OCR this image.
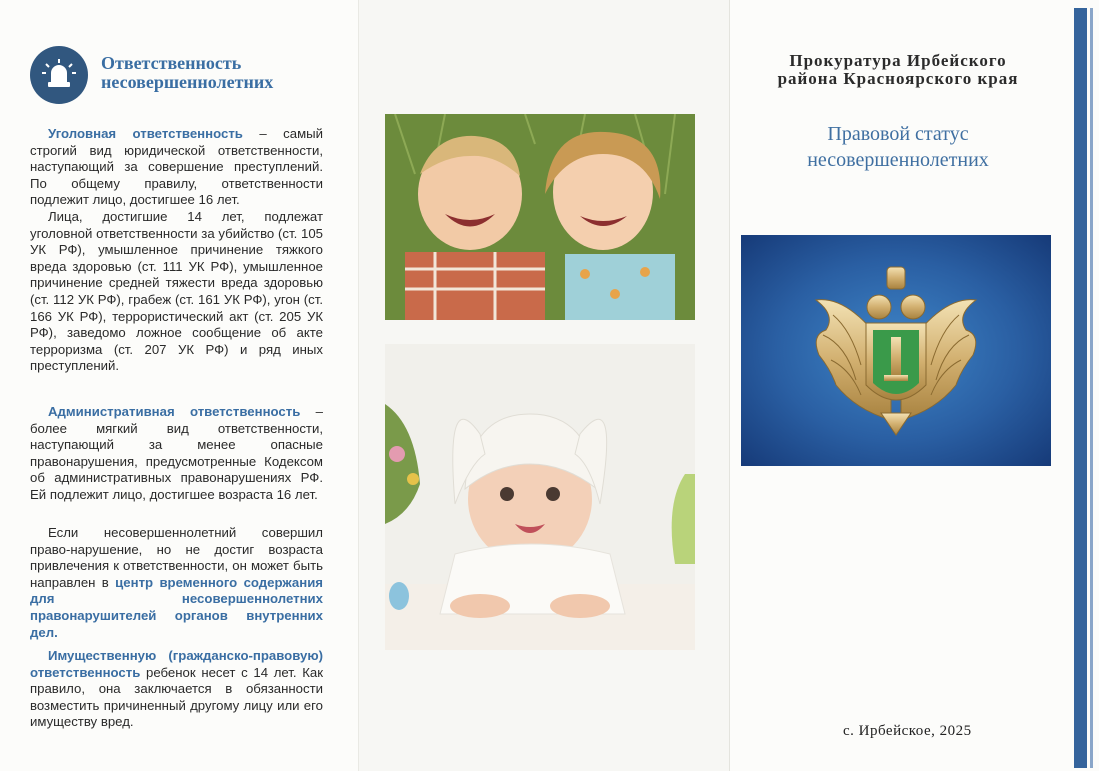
Ответственность
несовершеннолетних

Уголовная ответственность – самый строгий вид юридической ответственности, наступающий за совершение преступлений. По общему правилу, ответственности подлежит лицо, достигшее 16 лет.

Лица, достигшие 14 лет, подлежат уголовной ответственности за убийство (ст. 105 УК РФ), умышленное причинение тяжкого вреда здоровью (ст. 111 УК РФ), умышленное причинение средней тяжести вреда здоровью (ст. 112 УК РФ), грабеж (ст. 161 УК РФ), угон (ст. 166 УК РФ), террористический акт (ст. 205 УК РФ), заведомо ложное сообщение об акте терроризма (ст. 207 УК РФ) и ряд иных преступлений.

Административная ответственность – более мягкий вид ответственности, наступающий за менее опасные правонарушения, предусмотренные Кодексом об административных правонарушениях РФ. Ей подлежит лицо, достигшее возраста 16 лет.

Если несовершеннолетний совершил право-нарушение, но не достиг возраста привлечения к ответственности, он может быть направлен в центр временного содержания для несовершеннолетних правонарушителей органов внутренних дел.

Имущественную (гражданско-правовую) ответственность ребенок несет с 14 лет. Как правило, она заключается в обязанности возместить причиненный другому лицу или его имуществу вред.

Прокуратура Ирбейского
района Красноярского края
Правовой статус
несовершеннолетних
с. Ирбейское, 2025
